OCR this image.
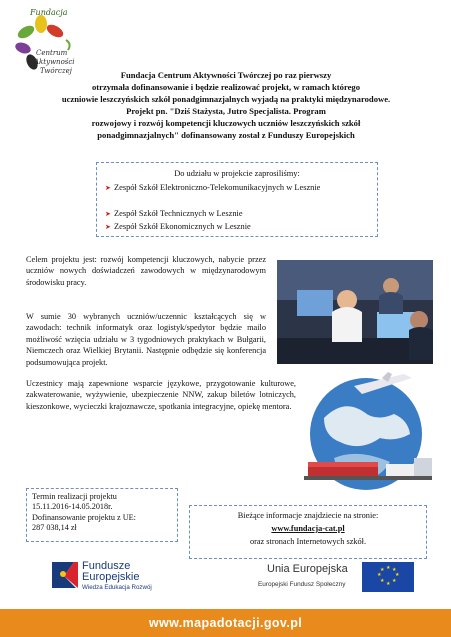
Fundacja
Centrum
Aktywności
Twórczej	Fundacja Centrum Aktywności Twórczej po raz pierwszy
otrzymała dofinansowanie i będzie realizować projekt, w ramach którego
uczniowie leszczyńskich szkół ponadgimnazjalnych wyjadą na praktyki międzynarodowe.
Projekt pn. "Dziś Stażysta, Jutro Specjalista. Program
rozwojowy i rozwój kompetencji kluczowych uczniów leszczyńskich szkół
ponadgimnazjalnych" dofinansowany został z Funduszy Europejskich
Do udziału w projekcie zaprosiliśmy:
➤ Zespół Szkół Elektroniczno-Telekomunikacyjnych w Lesznie
➤ Zespół Szkół Technicznych w Lesznie
➤ Zespół Szkół Ekonomicznych w Lesznie
Celem projektu jest: rozwój kompetencji kluczowych, nabycie przez uczniów nowych doświadczeń zawodowych w międzynarodowym środowisku pracy.
W sumie 30 wybranych uczniów/uczennic kształcących się w zawodach: technik informatyk oraz logistyk/spedytor będzie mailo możliwość wzięcia udziału w 3 tygodniowych praktykach w Bułgarii, Niemczech oraz Wielkiej Brytanii. Następnie odbędzie się konferencja podsumowująca projekt.
Uczestnicy mają zapewnione wsparcie językowe, przygotowanie kulturowe, zakwaterowanie, wyżywienie, ubezpieczenie NNW, zakup biletów lotniczych, kieszonkowe, wycieczki krajoznawcze, spotkania integracyjne, opiekę mentora.
Termin realizacji projektu
15.11.2016-14.05.2018r.
Dofinansowanie projektu z UE:
287 038,14 zł
Bieżące informacje znajdziecie na stronie:
www.fundacja-cat.pl
oraz stronach Internetowych szkół.
Fundusze
Europejskie
Wiedza Edukacja Rozwój
Unia Europejska
Europejski Fundusz Społeczny
★ ★
★
★
★
★
★
★
www.mapadotacji.gov.pl
